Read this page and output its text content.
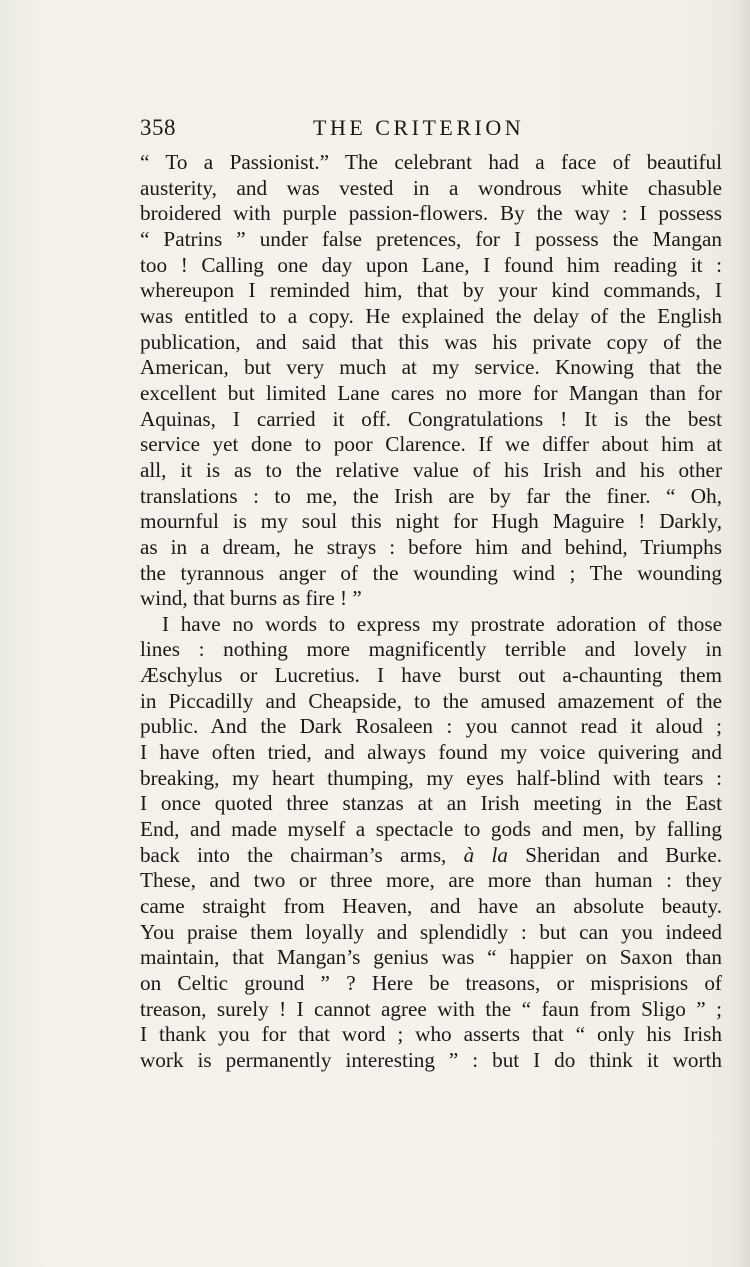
358	THE CRITERION
“ To a Passionist.” The celebrant had a face of beautiful
austerity, and was vested in a wondrous white chasuble
broidered with purple passion-flowers. By the way : I possess
“ Patrins ” under false pretences, for I possess the Mangan
too ! Calling one day upon Lane, I found him reading it :
whereupon I reminded him, that by your kind commands, I
was entitled to a copy. He explained the delay of the English
publication, and said that this was his private copy of the
American, but very much at my service. Knowing that the
excellent but limited Lane cares no more for Mangan than for
Aquinas, I carried it off. Congratulations ! It is the best
service yet done to poor Clarence. If we differ about him at
all, it is as to the relative value of his Irish and his other
translations : to me, the Irish are by far the finer. “ Oh,
mournful is my soul this night for Hugh Maguire ! Darkly,
as in a dream, he strays : before him and behind, Triumphs
the tyrannous anger of the wounding wind ; The wounding
wind, that burns as fire ! ”
I have no words to express my prostrate adoration of those
lines : nothing more magnificently terrible and lovely in
Æschylus or Lucretius. I have burst out a-chaunting them
in Piccadilly and Cheapside, to the amused amazement of the
public. And the Dark Rosaleen : you cannot read it aloud ;
I have often tried, and always found my voice quivering and
breaking, my heart thumping, my eyes half-blind with tears :
I once quoted three stanzas at an Irish meeting in the East
End, and made myself a spectacle to gods and men, by falling
back into the chairman’s arms, à la Sheridan and Burke.
These, and two or three more, are more than human : they
came straight from Heaven, and have an absolute beauty.
You praise them loyally and splendidly : but can you indeed
maintain, that Mangan’s genius was “ happier on Saxon than
on Celtic ground ” ? Here be treasons, or misprisions of
treason, surely ! I cannot agree with the “ faun from Sligo ” ;
I thank you for that word ; who asserts that “ only his Irish
work is permanently interesting ” : but I do think it worth
